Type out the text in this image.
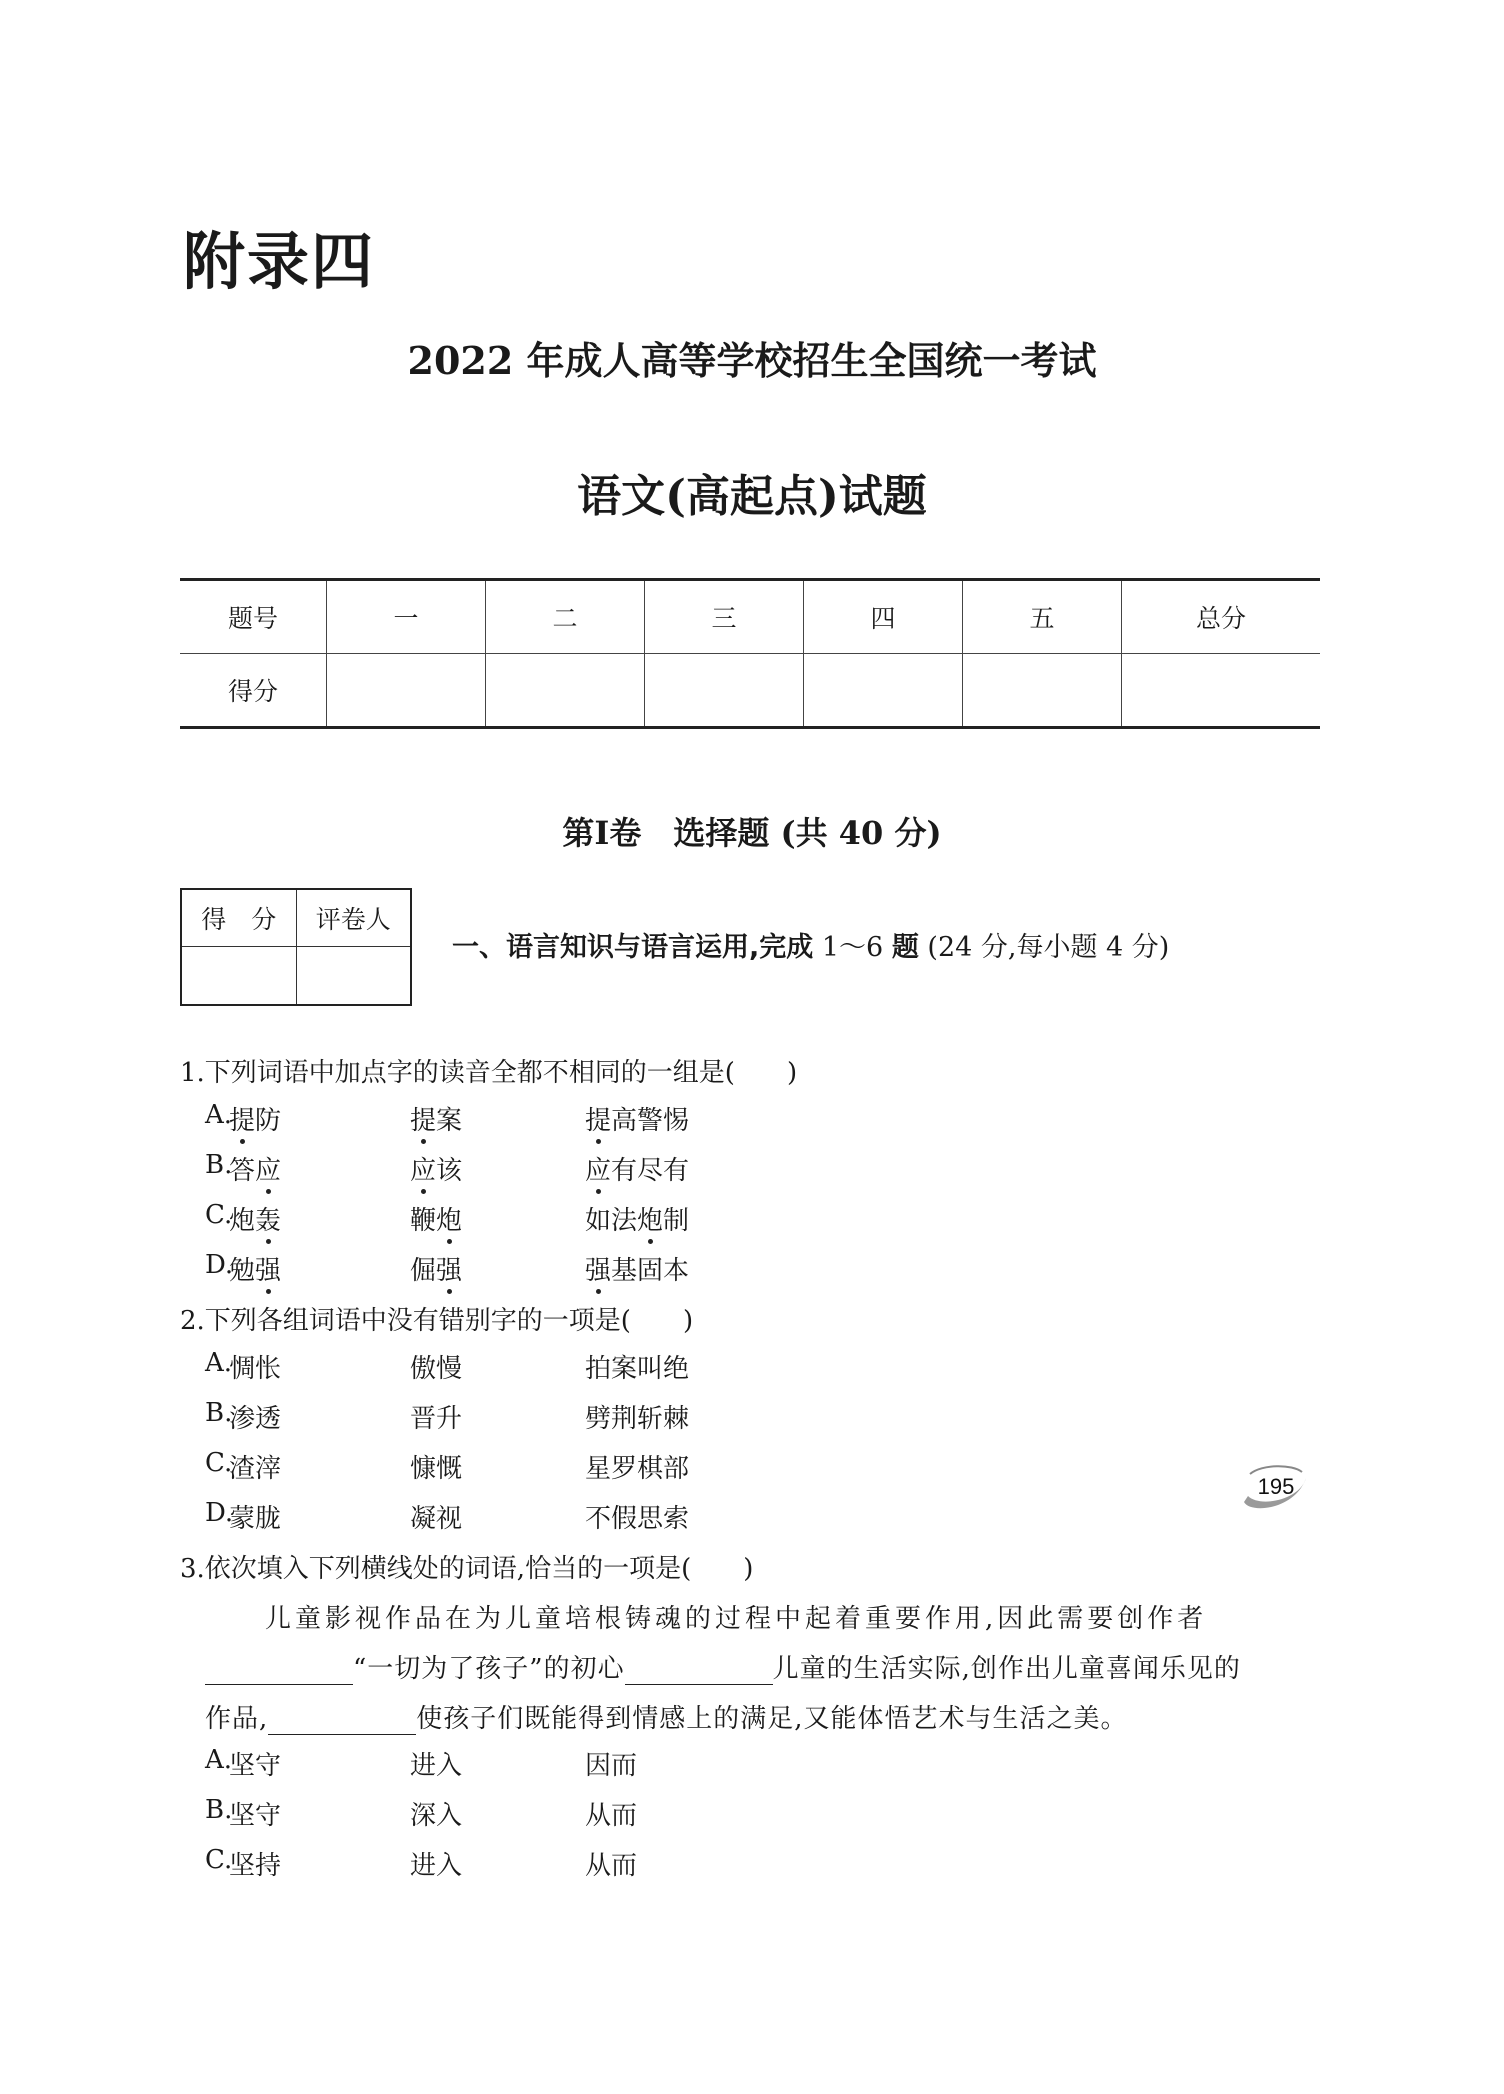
附录四
2022 年成人高等学校招生全国统一考试
语文(高起点)试题
题号	一	二	三	四	五	总分
得分						
第Ⅰ卷　选择题 (共 40 分)
得　分	评卷人

一、语言知识与语言运用,完成 1～6 题 (24 分,每小题 4 分)
1.下列词语中加点字的读音全都不相同的一组是(　　)
A.
提防	提案	提高警惕
B.
答应	应该	应有尽有
C.
炮轰	鞭炮	如法炮制
D.
勉强	倔强	强基固本
2.下列各组词语中没有错别字的一项是(　　)
A.
惆怅	傲慢	拍案叫绝
B.
渗透	晋升	劈荆斩棘
C.
渣滓	慷慨	星罗棋部
D.
蒙胧	凝视	不假思索
3.依次填入下列横线处的词语,恰当的一项是(　　)
儿童影视作品在为儿童培根铸魂的过程中起着重要作用,因此需要创作者
“一切为了孩子”的初心	儿童的生活实际,创作出儿童喜闻乐见的
作品,	使孩子们既能得到情感上的满足,又能体悟艺术与生活之美。
A.
坚守	进入	因而
B.
坚守	深入	从而
C.
坚持	进入	从而
195
